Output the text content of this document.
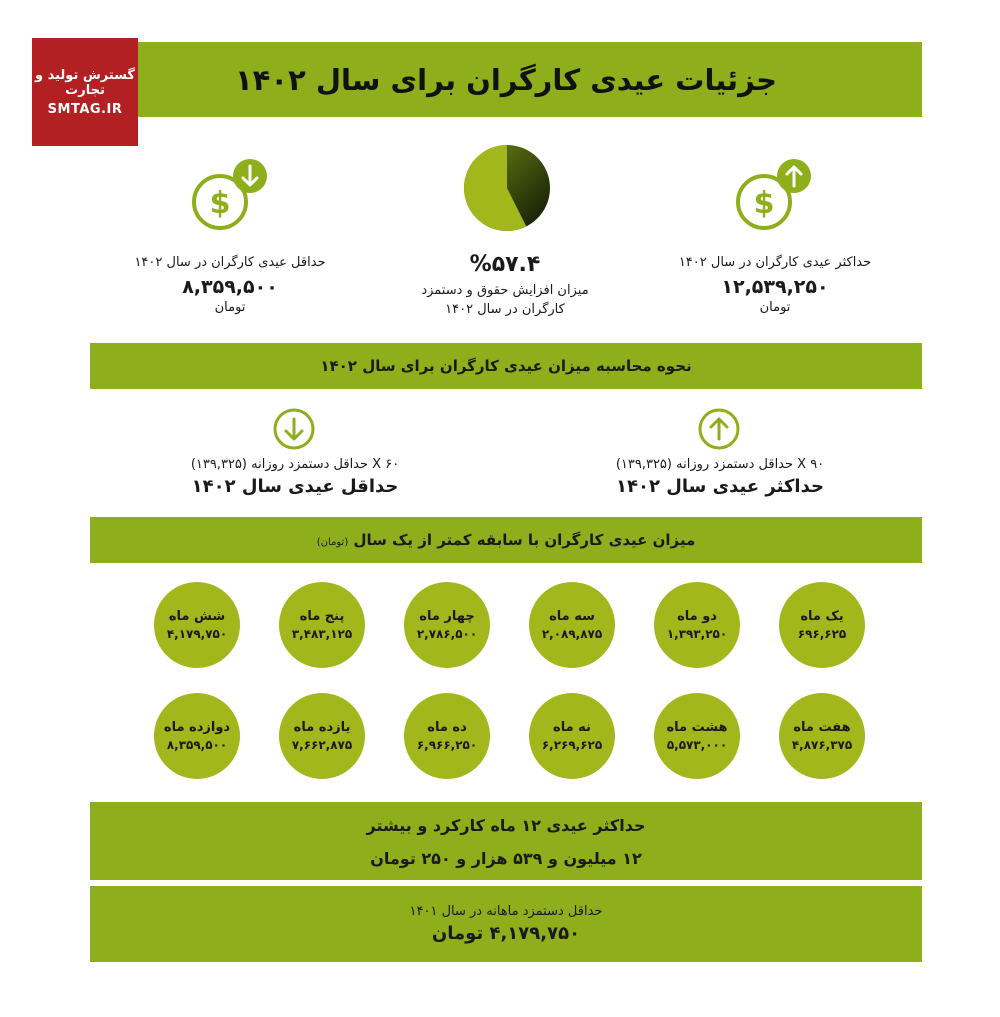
گسترش تولید و تجارت
SMTAG.IR
جزئیات عیدی کارگران برای سال ۱۴۰۲
$
حداکثر عیدی کارگران در سال ۱۴۰۲
۱۲,۵۳۹,۲۵۰
تومان
%۵۷.۴
میزان افزایش حقوق و دستمزد
کارگران در سال ۱۴۰۲
$
حداقل عیدی کارگران در سال ۱۴۰۲
۸,۳۵۹,۵۰۰
تومان
نحوه محاسبه میزان عیدی کارگران برای سال ۱۴۰۲
۹۰ X حداقل دستمزد روزانه (۱۳۹,۳۲۵)
حداکثر عیدی سال ۱۴۰۲
۶۰ X حداقل دستمزد روزانه (۱۳۹,۳۲۵)
حداقل عیدی سال ۱۴۰۲
میزان عیدی کارگران با سابقه کمتر از یک سال (تومان)
یک ماه
۶۹۶,۶۲۵
دو ماه
۱,۳۹۳,۲۵۰
سه ماه
۲,۰۸۹,۸۷۵
چهار ماه
۲,۷۸۶,۵۰۰
پنج ماه
۳,۴۸۳,۱۲۵
شش ماه
۴,۱۷۹,۷۵۰
هفت ماه
۴,۸۷۶,۳۷۵
هشت ماه
۵,۵۷۳,۰۰۰
نه ماه
۶,۲۶۹,۶۲۵
ده ماه
۶,۹۶۶,۲۵۰
یازده ماه
۷,۶۶۲,۸۷۵
دوازده ماه
۸,۳۵۹,۵۰۰
حداکثر عیدی ۱۲ ماه کارکرد و بیشتر
۱۲ میلیون و ۵۳۹ هزار و ۲۵۰ تومان
حداقل دستمزد ماهانه در سال ۱۴۰۱
۴,۱۷۹,۷۵۰ تومان
